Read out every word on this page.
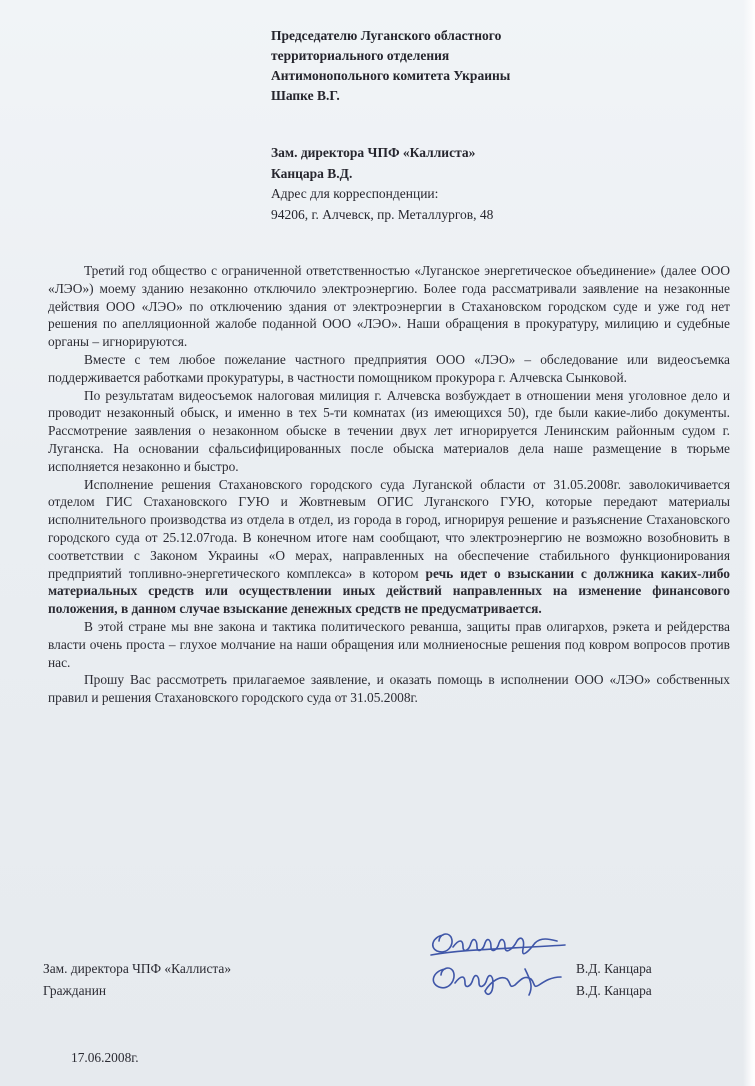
Председателю Луганского областного
территориального отделения
Антимонопольного комитета Украины
Шапке В.Г.
Зам. директора ЧПФ «Каллиста»
Канцара В.Д.
Адрес для корреспонденции:
94206, г. Алчевск, пр. Металлургов, 48

Третий год общество с ограниченной ответственностью «Луганское энергетическое объединение» (далее ООО «ЛЭО») моему зданию незаконно отключило электроэнергию. Более года рассматривали заявление на незаконные действия ООО «ЛЭО» по отключению здания от электроэнергии в Стахановском городском суде и уже год нет решения по апелляционной жалобе поданной ООО «ЛЭО». Наши обращения в прокуратуру, милицию и судебные органы – игнорируются.

Вместе с тем любое пожелание частного предприятия ООО «ЛЭО» – обследование или видеосъемка поддерживается работками прокуратуры, в частности помощником прокурора г. Алчевска Сынковой.

По результатам видеосъемок налоговая милиция г. Алчевска возбуждает в отношении меня уголовное дело и проводит незаконный обыск, и именно в тех 5-ти комнатах (из имеющихся 50), где были какие-либо документы. Рассмотрение заявления о незаконном обыске в течении двух лет игнорируется Ленинским районным судом г. Луганска. На основании сфальсифицированных после обыска материалов дела наше размещение в тюрьме исполняется незаконно и быстро.

Исполнение решения Стахановского городского суда Луганской области от 31.05.2008г. заволокичивается отделом ГИС Стахановского ГУЮ и Жовтневым ОГИС Луганского ГУЮ, которые передают материалы исполнительного производства из отдела в отдел, из города в город, игнорируя решение и разъяснение Стахановского городского суда от 25.12.07года. В конечном итоге нам сообщают, что электроэнергию не возможно возобновить в соответствии с Законом Украины «О мерах, направленных на обеспечение стабильного функционирования предприятий топливно-энергетического комплекса» в котором речь идет о взыскании с должника каких-либо материальных средств или осуществлении иных действий направленных на изменение финансового положения, в данном случае взыскание денежных средств не предусматривается.

В этой стране мы вне закона и тактика политического реванша, защиты прав олигархов, рэкета и рейдерства власти очень проста – глухое молчание на наши обращения или молниеносные решения под ковром вопросов против нас.

Прошу Вас рассмотреть прилагаемое заявление, и оказать помощь в исполнении ООО «ЛЭО» собственных правил и решения Стахановского городского суда от 31.05.2008г.

Зам. директора ЧПФ «Каллиста»
Гражданин
В.Д. Канцара
В.Д. Канцара
17.06.2008г.
